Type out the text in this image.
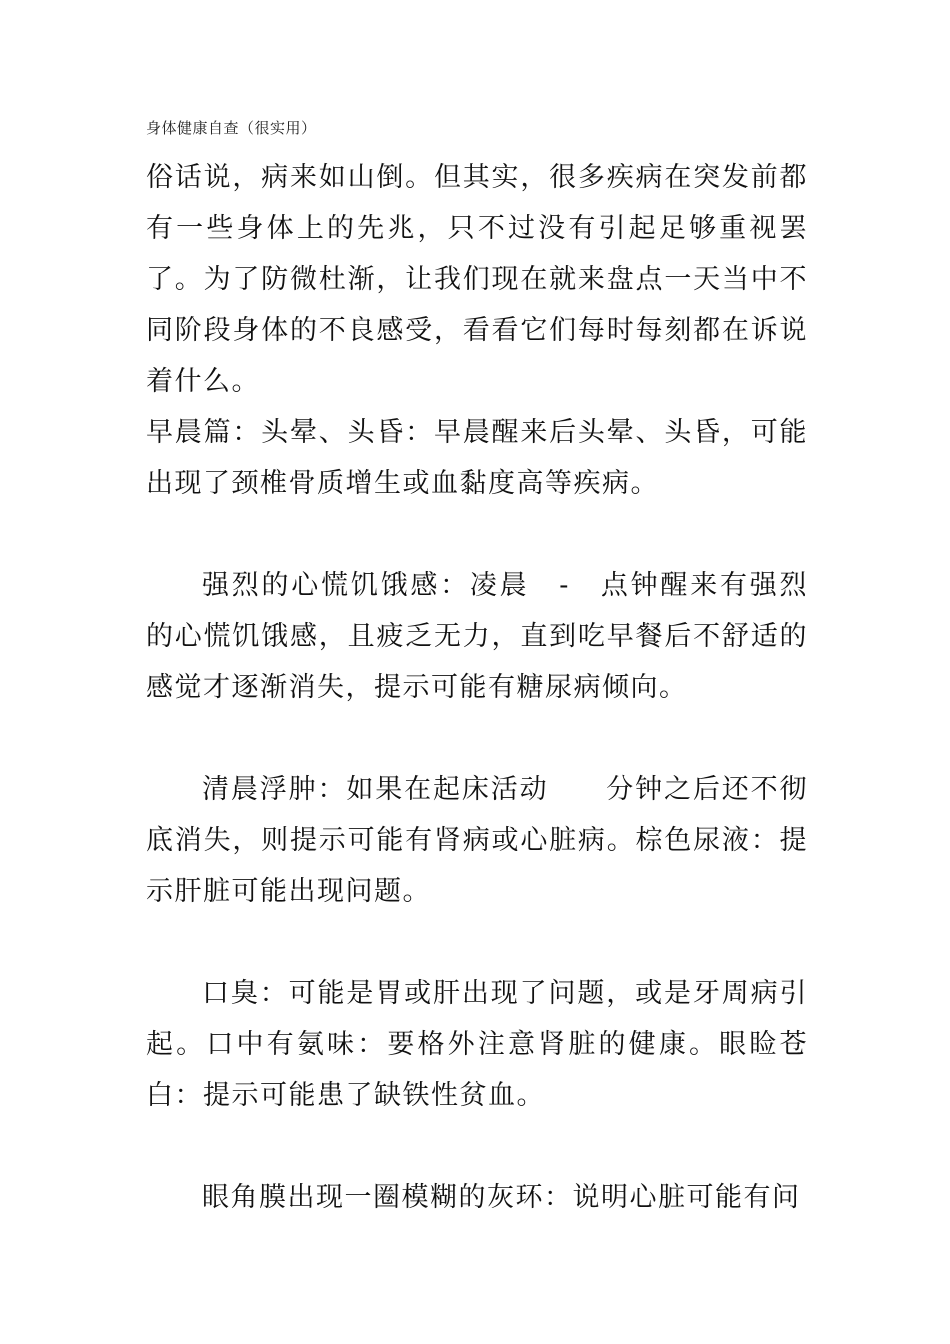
身体健康自查（很实用）

俗话说，病来如山倒。但其实，很多疾病在突发前都有一些身体上的先兆，只不过没有引起足够重视罢了。为了防微杜渐，让我们现在就来盘点一天当中不同阶段身体的不良感受，看看它们每时每刻都在诉说着什么。

早晨篇：头晕、头昏：早晨醒来后头晕、头昏，可能出现了颈椎骨质增生或血黏度高等疾病。

强烈的心慌饥饿感：凌晨　-　点钟醒来有强烈的心慌饥饿感，且疲乏无力，直到吃早餐后不舒适的感觉才逐渐消失，提示可能有糖尿病倾向。

清晨浮肿：如果在起床活动　　分钟之后还不彻底消失，则提示可能有肾病或心脏病。棕色尿液：提示肝脏可能出现问题。

口臭：可能是胃或肝出现了问题，或是牙周病引起。口中有氨味：要格外注意肾脏的健康。眼睑苍白：提示可能患了缺铁性贫血。

眼角膜出现一圈模糊的灰环：说明心脏可能有问
